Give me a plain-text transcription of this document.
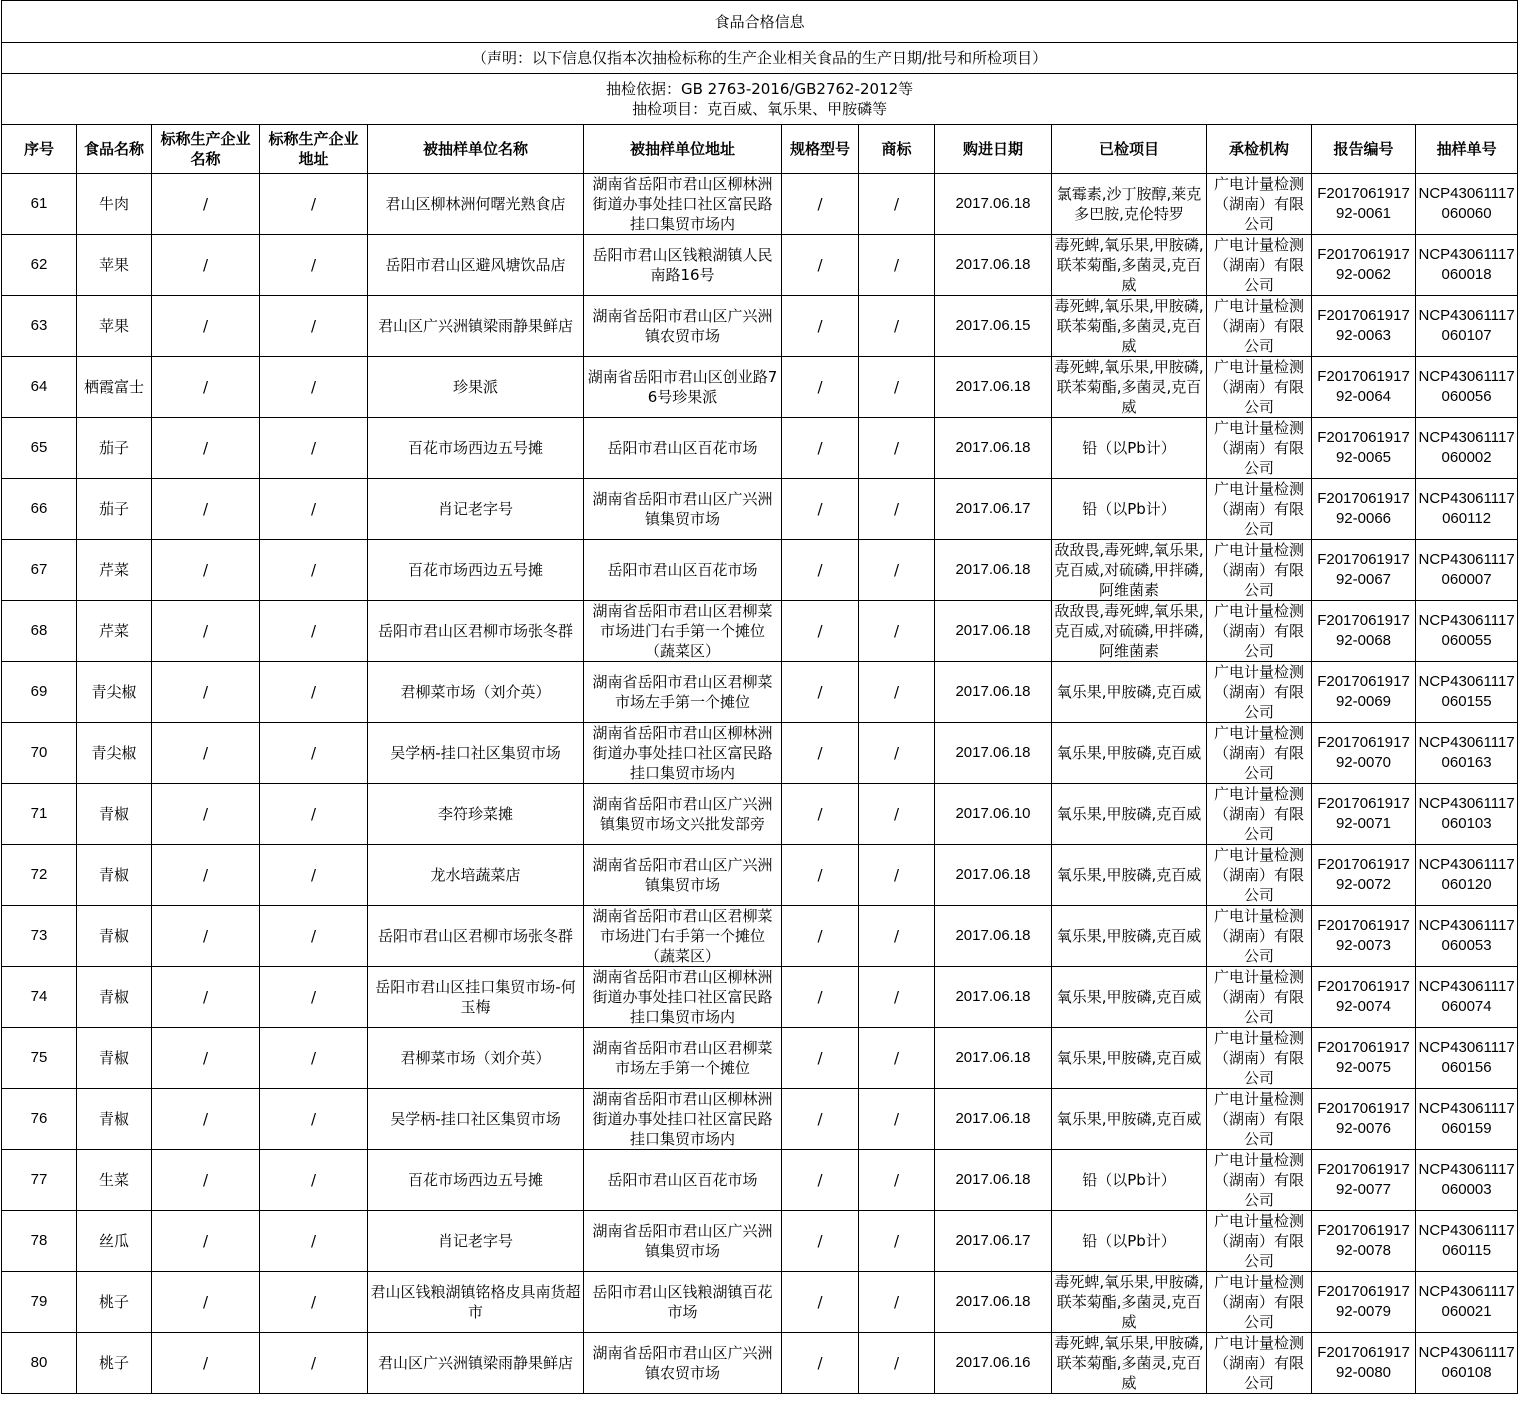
食品合格信息												
（声明：以下信息仅指本次抽检标称的生产企业相关食品的生产日期/批号和所检项目）												

抽检依据：GB 2763-2016/GB2762-2012等
抽检项目：克百威、氧乐果、甲胺磷等												

序号	食品名称	标称生产企业名称	标称生产企业地址	被抽样单位名称	被抽样单位地址	规格型号	商标	购进日期	已检项目	承检机构	报告编号	抽样单号
61	牛肉	/	/	君山区柳林洲何曙光熟食店	湖南省岳阳市君山区柳林洲街道办事处挂口社区富民路挂口集贸市场内	/	/	2017.06.18	氯霉素,沙丁胺醇,莱克多巴胺,克伦特罗	广电计量检测（湖南）有限公司	F201706191792-0061	NCP43061117060060
62	苹果	/	/	岳阳市君山区避风塘饮品店	岳阳市君山区钱粮湖镇人民南路16号	/	/	2017.06.18	毒死蜱,氧乐果,甲胺磷,联苯菊酯,多菌灵,克百威	广电计量检测（湖南）有限公司	F201706191792-0062	NCP43061117060018
63	苹果	/	/	君山区广兴洲镇梁雨静果鲜店	湖南省岳阳市君山区广兴洲镇农贸市场	/	/	2017.06.15	毒死蜱,氧乐果,甲胺磷,联苯菊酯,多菌灵,克百威	广电计量检测（湖南）有限公司	F201706191792-0063	NCP43061117060107
64	栖霞富士	/	/	珍果派	湖南省岳阳市君山区创业路76号珍果派	/	/	2017.06.18	毒死蜱,氧乐果,甲胺磷,联苯菊酯,多菌灵,克百威	广电计量检测（湖南）有限公司	F201706191792-0064	NCP43061117060056
65	茄子	/	/	百花市场西边五号摊	岳阳市君山区百花市场	/	/	2017.06.18	铅（以Pb计）	广电计量检测（湖南）有限公司	F201706191792-0065	NCP43061117060002
66	茄子	/	/	肖记老字号	湖南省岳阳市君山区广兴洲镇集贸市场	/	/	2017.06.17	铅（以Pb计）	广电计量检测（湖南）有限公司	F201706191792-0066	NCP43061117060112
67	芹菜	/	/	百花市场西边五号摊	岳阳市君山区百花市场	/	/	2017.06.18	敌敌畏,毒死蜱,氧乐果,克百威,对硫磷,甲拌磷,阿维菌素	广电计量检测（湖南）有限公司	F201706191792-0067	NCP43061117060007
68	芹菜	/	/	岳阳市君山区君柳市场张冬群	湖南省岳阳市君山区君柳菜市场进门右手第一个摊位（蔬菜区）	/	/	2017.06.18	敌敌畏,毒死蜱,氧乐果,克百威,对硫磷,甲拌磷,阿维菌素	广电计量检测（湖南）有限公司	F201706191792-0068	NCP43061117060055
69	青尖椒	/	/	君柳菜市场（刘介英）	湖南省岳阳市君山区君柳菜市场左手第一个摊位	/	/	2017.06.18	氧乐果,甲胺磷,克百威	广电计量检测（湖南）有限公司	F201706191792-0069	NCP43061117060155
70	青尖椒	/	/	吴学柄-挂口社区集贸市场	湖南省岳阳市君山区柳林洲街道办事处挂口社区富民路挂口集贸市场内	/	/	2017.06.18	氧乐果,甲胺磷,克百威	广电计量检测（湖南）有限公司	F201706191792-0070	NCP43061117060163
71	青椒	/	/	李符珍菜摊	湖南省岳阳市君山区广兴洲镇集贸市场文兴批发部旁	/	/	2017.06.10	氧乐果,甲胺磷,克百威	广电计量检测（湖南）有限公司	F201706191792-0071	NCP43061117060103
72	青椒	/	/	龙水培蔬菜店	湖南省岳阳市君山区广兴洲镇集贸市场	/	/	2017.06.18	氧乐果,甲胺磷,克百威	广电计量检测（湖南）有限公司	F201706191792-0072	NCP43061117060120
73	青椒	/	/	岳阳市君山区君柳市场张冬群	湖南省岳阳市君山区君柳菜市场进门右手第一个摊位（蔬菜区）	/	/	2017.06.18	氧乐果,甲胺磷,克百威	广电计量检测（湖南）有限公司	F201706191792-0073	NCP43061117060053
74	青椒	/	/	岳阳市君山区挂口集贸市场-何玉梅	湖南省岳阳市君山区柳林洲街道办事处挂口社区富民路挂口集贸市场内	/	/	2017.06.18	氧乐果,甲胺磷,克百威	广电计量检测（湖南）有限公司	F201706191792-0074	NCP43061117060074
75	青椒	/	/	君柳菜市场（刘介英）	湖南省岳阳市君山区君柳菜市场左手第一个摊位	/	/	2017.06.18	氧乐果,甲胺磷,克百威	广电计量检测（湖南）有限公司	F201706191792-0075	NCP43061117060156
76	青椒	/	/	吴学柄-挂口社区集贸市场	湖南省岳阳市君山区柳林洲街道办事处挂口社区富民路挂口集贸市场内	/	/	2017.06.18	氧乐果,甲胺磷,克百威	广电计量检测（湖南）有限公司	F201706191792-0076	NCP43061117060159
77	生菜	/	/	百花市场西边五号摊	岳阳市君山区百花市场	/	/	2017.06.18	铅（以Pb计）	广电计量检测（湖南）有限公司	F201706191792-0077	NCP43061117060003
78	丝瓜	/	/	肖记老字号	湖南省岳阳市君山区广兴洲镇集贸市场	/	/	2017.06.17	铅（以Pb计）	广电计量检测（湖南）有限公司	F201706191792-0078	NCP43061117060115
79	桃子	/	/	君山区钱粮湖镇铭格皮具南货超市	岳阳市君山区钱粮湖镇百花市场	/	/	2017.06.18	毒死蜱,氧乐果,甲胺磷,联苯菊酯,多菌灵,克百威	广电计量检测（湖南）有限公司	F201706191792-0079	NCP43061117060021
80	桃子	/	/	君山区广兴洲镇梁雨静果鲜店	湖南省岳阳市君山区广兴洲镇农贸市场	/	/	2017.06.16	毒死蜱,氧乐果,甲胺磷,联苯菊酯,多菌灵,克百威	广电计量检测（湖南）有限公司	F201706191792-0080	NCP43061117060108
